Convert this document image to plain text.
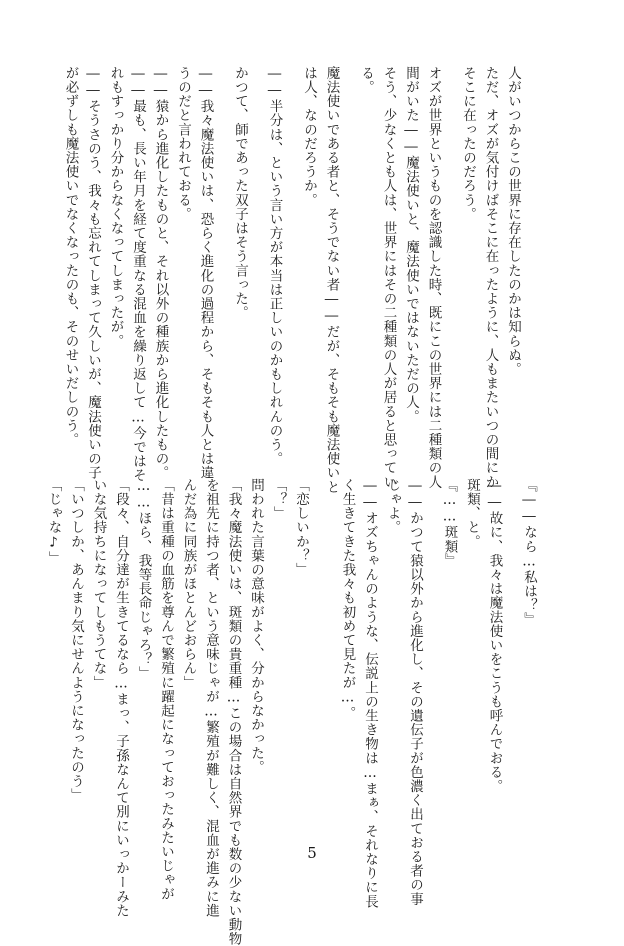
人がいつからこの世界に存在したのかは知らぬ。
ただ、オズが気付けばそこに在ったように、人もまたいつの間にか
そこに在ったのだろう。
オズが世界というものを認識した時、既にこの世界には二種類の人
間がいた――魔法使いと、魔法使いではないただの人。
そう、少なくとも人は、世界にはその二種類の人が居ると思ってい
る。
魔法使いである者と、そうでない者――だが、そもそも魔法使いと
は人、なのだろうか。
――半分は、という言い方が本当は正しいのかもしれんのう。
かつて、師であった双子はそう言った。
――我々魔法使いは、恐らく進化の過程から、そもそも人とは違
うのだと言われておる。
――猿から進化したものと、それ以外の種族から進化したもの。
――最も、長い年月を経て度重なる混血を繰り返して…今ではそ
れもすっかり分からなくなってしまったが。
――そうさのう、我々も忘れてしまって久しいが、魔法使いの子
が必ずしも魔法使いでなくなったのも、そのせいだしのう。
『――なら…私は？』
――故に、我々は魔法使いをこうも呼んでおる。
斑類、と。
『……斑類』
――かつて猿以外から進化し、その遺伝子が色濃く出ておる者の事
じゃよ。
――オズちゃんのような、伝説上の生き物は…まぁ、それなりに長
く生きてきた我々も初めて見たが…。
「恋しいか？」
「？」
問われた言葉の意味がよく、分からなかった。
「我々魔法使いは、斑類の貴重種…この場合は自然界でも数の少ない動物
を祖先に持つ者、という意味じゃが…繁殖が難しく、混血が進みに進
んだ為に同族がほとんどおらん」
「昔は重種の血筋を尊んで繁殖に躍起になっておったみたいじゃが
……ほら、我等長命じゃろ？」
「段々、自分達が生きてるなら…まっ、子孫なんて別にいっかーみた
いな気持ちになってしもうてな」
「いつしか、あんまり気にせんようになったのう」
「じゃな♪」
5
